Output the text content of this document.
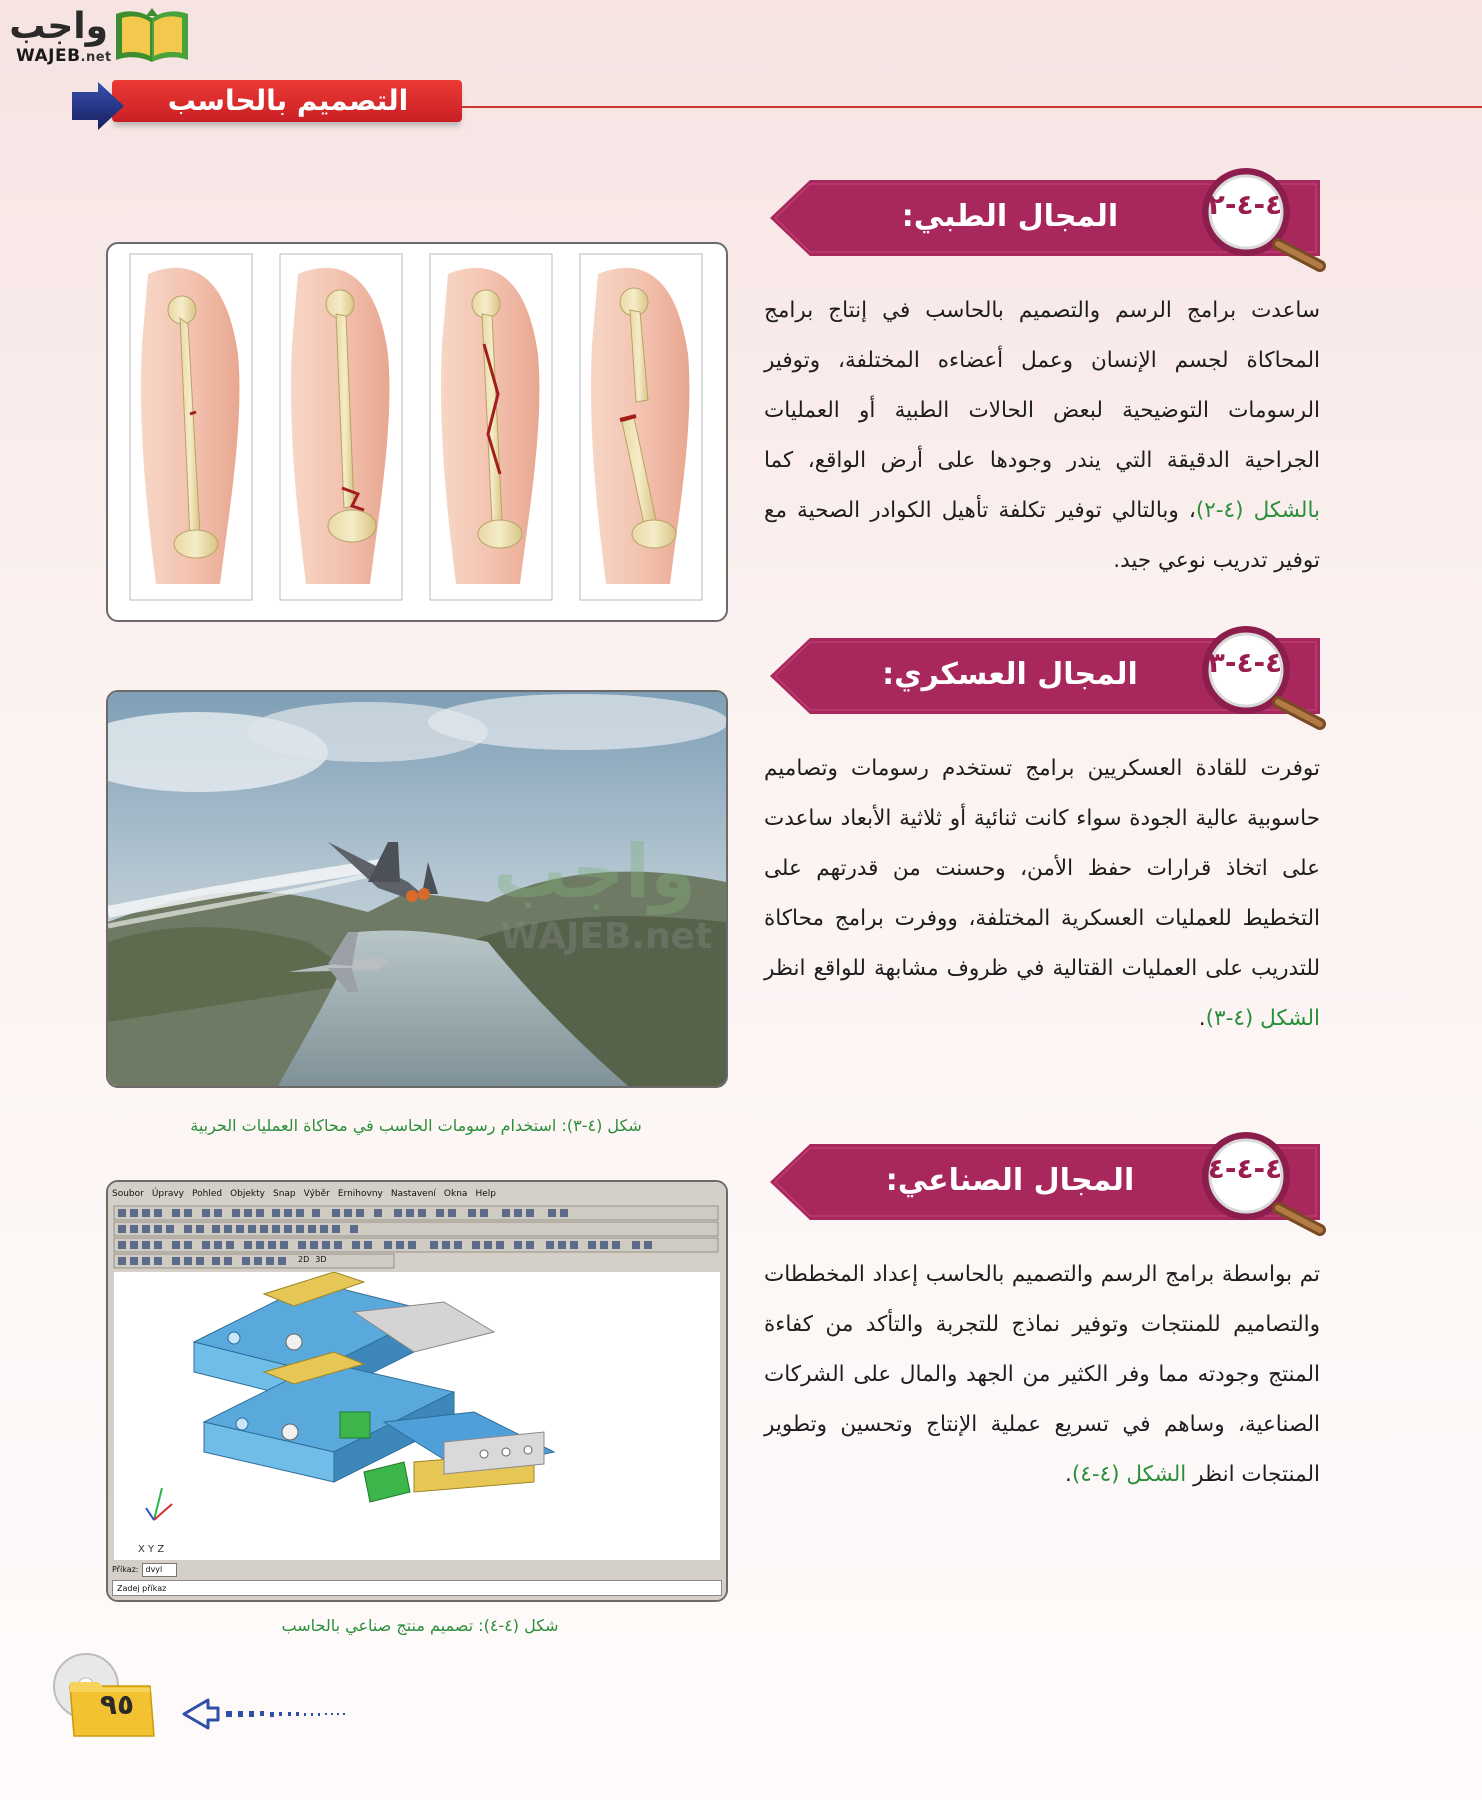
واجب
WAJEB.net
التصميم بالحاسب
المجال الطبي:	٤-٤-٢

ساعدت برامج الرسم والتصميم بالحاسب في إنتاج برامج المحاكاة لجسم الإنسان وعمل أعضاءه المختلفة، وتوفير الرسومات التوضيحية لبعض الحالات الطبية أو العمليات الجراحية الدقيقة التي يندر وجودها على أرض الواقع، كما بالشكل (٤-٢)، وبالتالي توفير تكلفة تأهيل الكوادر الصحية مع توفير تدريب نوعي جيد.

المجال العسكري:	٤-٤-٣

توفرت للقادة العسكريين برامج تستخدم رسومات وتصاميم حاسوبية عالية الجودة سواء كانت ثنائية أو ثلاثية الأبعاد ساعدت على اتخاذ قرارات حفظ الأمن، وحسنت من قدرتهم على التخطيط للعمليات العسكرية المختلفة، ووفرت برامج محاكاة للتدريب على العمليات القتالية في ظروف مشابهة للواقع انظر الشكل (٤-٣).

شكل (٤-٣): استخدام رسومات الحاسب في محاكاة العمليات الحربية
المجال الصناعي:	٤-٤-٤

تم بواسطة برامج الرسم والتصميم بالحاسب إعداد المخططات والتصاميم للمنتجات وتوفير نماذج للتجربة والتأكد من كفاءة المنتج وجودته مما وفر الكثير من الجهد والمال على الشركات الصناعية، وساهم في تسريع عملية الإنتاج وتحسين وتطوير المنتجات انظر الشكل (٤-٤).

Soubor Úpravy Pohled Objekty Snap Výběr Ernihovny Nastavení Okna Help
2D 3D
X Y Z
Příkaz: dvyl
Zadej příkaz
شكل (٤-٤): تصميم منتج صناعي بالحاسب
واجب
WAJEB.net
٩٥
